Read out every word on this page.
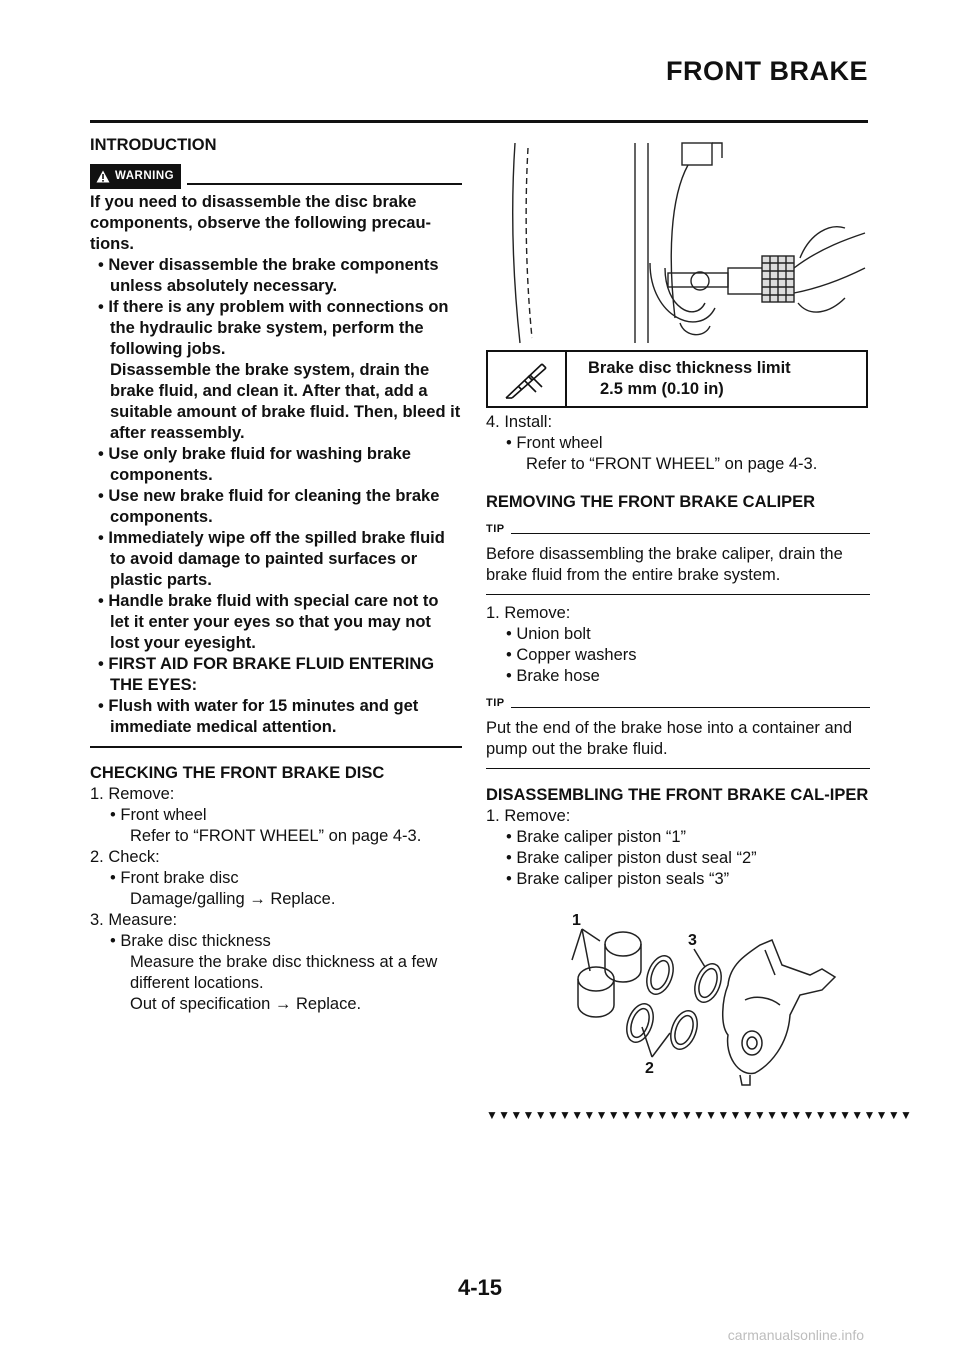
FRONT BRAKE
INTRODUCTION
WARNING
If you need to disassemble the disc brake components, observe the following precau-tions.
• Never disassemble the brake components unless absolutely necessary.
• If there is any problem with connections on the hydraulic brake system, perform the following jobs.
Disassemble the brake system, drain the brake fluid, and clean it. After that, add a suitable amount of brake fluid. Then, bleed it after reassembly.
• Use only brake fluid for washing brake components.
• Use new brake fluid for cleaning the brake components.
• Immediately wipe off the spilled brake fluid to avoid damage to painted surfaces or plastic parts.
• Handle brake fluid with special care not to let it enter your eyes so that you may not lost your eyesight.
• FIRST AID FOR BRAKE FLUID ENTERING THE EYES:
• Flush with water for 15 minutes and get immediate medical attention.
CHECKING THE FRONT BRAKE DISC
1. Remove:
• Front wheel
Refer to “FRONT WHEEL” on page 4-3.
2. Check:
• Front brake disc
Damage/galling → Replace.
3. Measure:
• Brake disc thickness
Measure the brake disc thickness at a few different locations.
Out of specification → Replace.
Brake disc thickness limit
2.5 mm (0.10 in)
4. Install:
• Front wheel
Refer to “FRONT WHEEL” on page 4-3.
REMOVING THE FRONT BRAKE CALIPER
TIP
Before disassembling the brake caliper, drain the brake fluid from the entire brake system.
1. Remove:
• Union bolt
• Copper washers
• Brake hose
TIP
Put the end of the brake hose into a container and pump out the brake fluid.
DISASSEMBLING THE FRONT BRAKE CAL-IPER
1. Remove:
• Brake caliper piston “1”
• Brake caliper piston dust seal “2”
• Brake caliper piston seals “3”
1
2
3
▼▼▼▼▼▼▼▼▼▼▼▼▼▼▼▼▼▼▼▼▼▼▼▼▼▼▼▼▼▼▼▼▼▼▼
4-15
carmanualsonline.info
